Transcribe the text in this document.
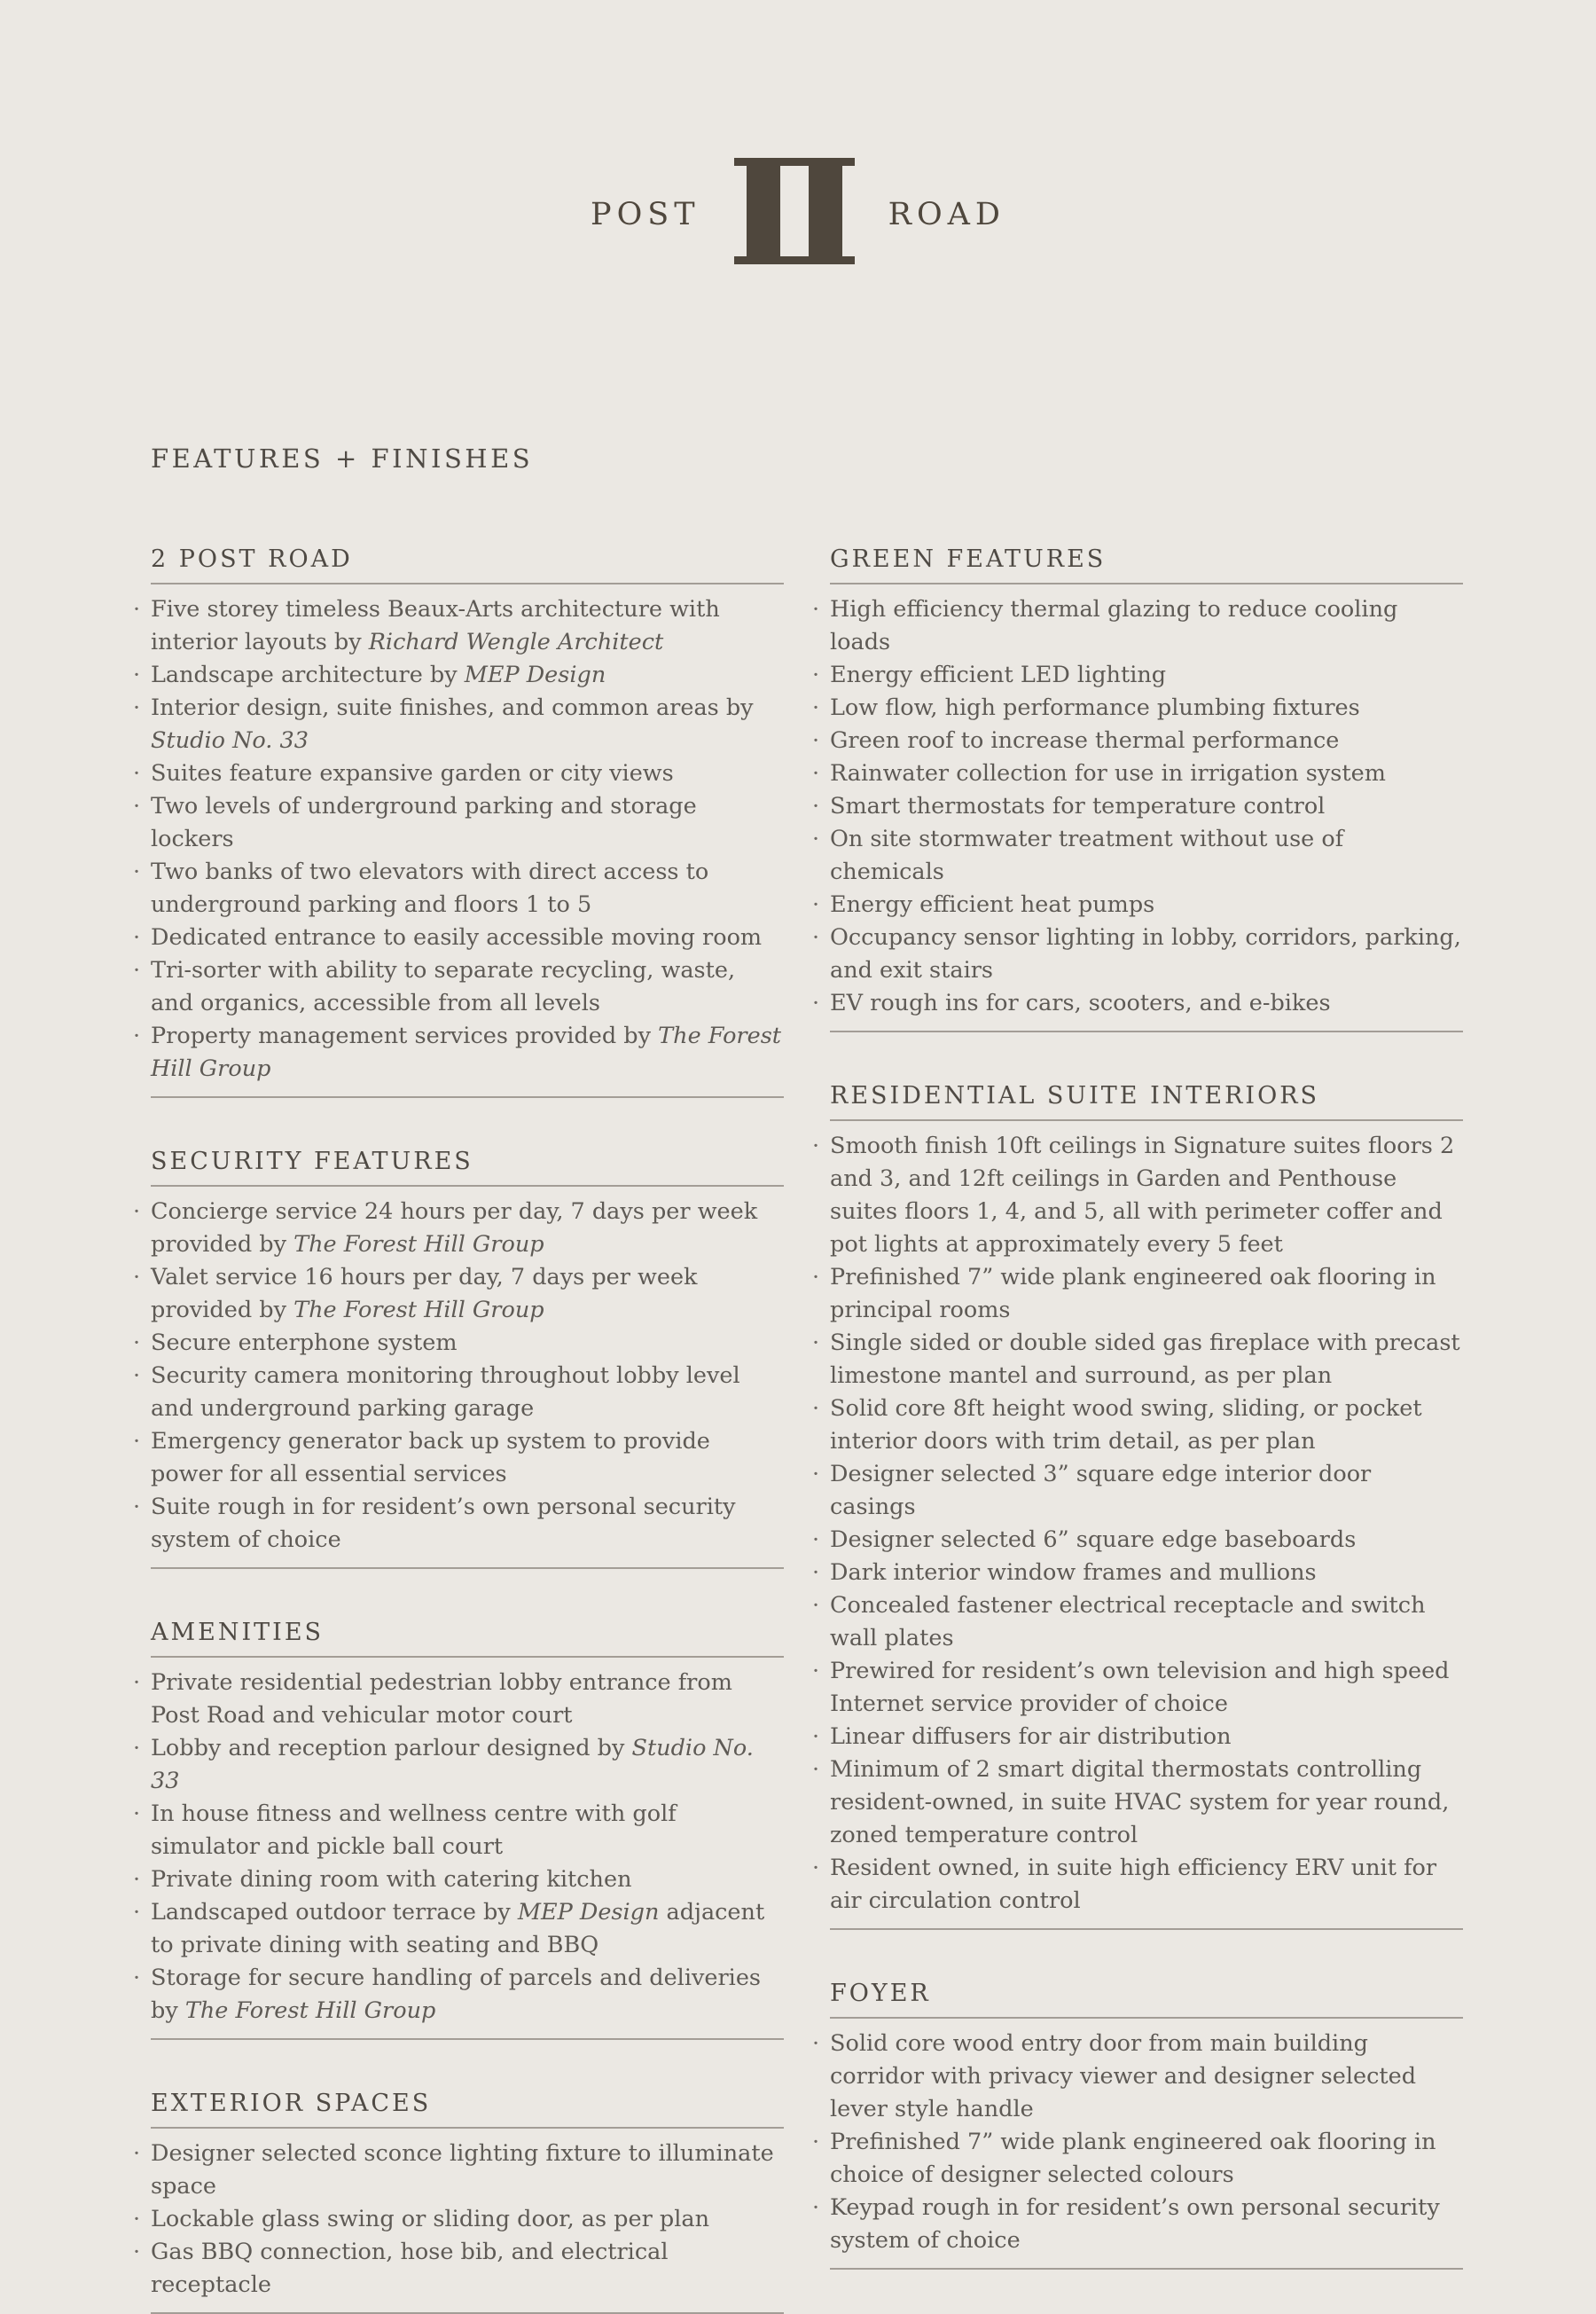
POST	ROAD
FEATURES + FINISHES
2 POST ROAD
· Five storey timeless Beaux-Arts architecture with interior layouts by Richard Wengle Architect
· Landscape architecture by MEP Design
· Interior design, suite finishes, and common areas by Studio No. 33
· Suites feature expansive garden or city views
· Two levels of underground parking and storage lockers
· Two banks of two elevators with direct access to underground parking and floors 1 to 5
· Dedicated entrance to easily accessible moving room
· Tri-sorter with ability to separate recycling, waste, and organics, accessible from all levels
· Property management services provided by The Forest Hill Group
SECURITY FEATURES
· Concierge service 24 hours per day, 7 days per week provided by The Forest Hill Group
· Valet service 16 hours per day, 7 days per week provided by The Forest Hill Group
· Secure enterphone system
· Security camera monitoring throughout lobby level and underground parking garage
· Emergency generator back up system to provide power for all essential services
· Suite rough in for resident’s own personal security system of choice
AMENITIES
· Private residential pedestrian lobby entrance from Post Road and vehicular motor court
· Lobby and reception parlour designed by Studio No. 33
· In house fitness and wellness centre with golf simulator and pickle ball court
· Private dining room with catering kitchen
· Landscaped outdoor terrace by MEP Design adjacent to private dining with seating and BBQ
· Storage for secure handling of parcels and deliveries by The Forest Hill Group
EXTERIOR SPACES
· Designer selected sconce lighting fixture to illuminate space
· Lockable glass swing or sliding door, as per plan
· Gas BBQ connection, hose bib, and electrical receptacle
GREEN FEATURES
· High efficiency thermal glazing to reduce cooling loads
· Energy efficient LED lighting
· Low flow, high performance plumbing fixtures
· Green roof to increase thermal performance
· Rainwater collection for use in irrigation system
· Smart thermostats for temperature control
· On site stormwater treatment without use of chemicals
· Energy efficient heat pumps
· Occupancy sensor lighting in lobby, corridors, parking, and exit stairs
· EV rough ins for cars, scooters, and e-bikes
RESIDENTIAL SUITE INTERIORS
· Smooth finish 10ft ceilings in Signature suites floors 2 and 3, and 12ft ceilings in Garden and Penthouse suites floors 1, 4, and 5, all with perimeter coffer and pot lights at approximately every 5 feet
· Prefinished 7” wide plank engineered oak flooring in principal rooms
· Single sided or double sided gas fireplace with precast limestone mantel and surround, as per plan
· Solid core 8ft height wood swing, sliding, or pocket interior doors with trim detail, as per plan
· Designer selected 3” square edge interior door casings
· Designer selected 6” square edge baseboards
· Dark interior window frames and mullions
· Concealed fastener electrical receptacle and switch wall plates
· Prewired for resident’s own television and high speed Internet service provider of choice
· Linear diffusers for air distribution
· Minimum of 2 smart digital thermostats controlling resident-owned, in suite HVAC system for year round, zoned temperature control
· Resident owned, in suite high efficiency ERV unit for air circulation control
FOYER
· Solid core wood entry door from main building corridor with privacy viewer and designer selected lever style handle
· Prefinished 7” wide plank engineered oak flooring in choice of designer selected colours
· Keypad rough in for resident’s own personal security system of choice
